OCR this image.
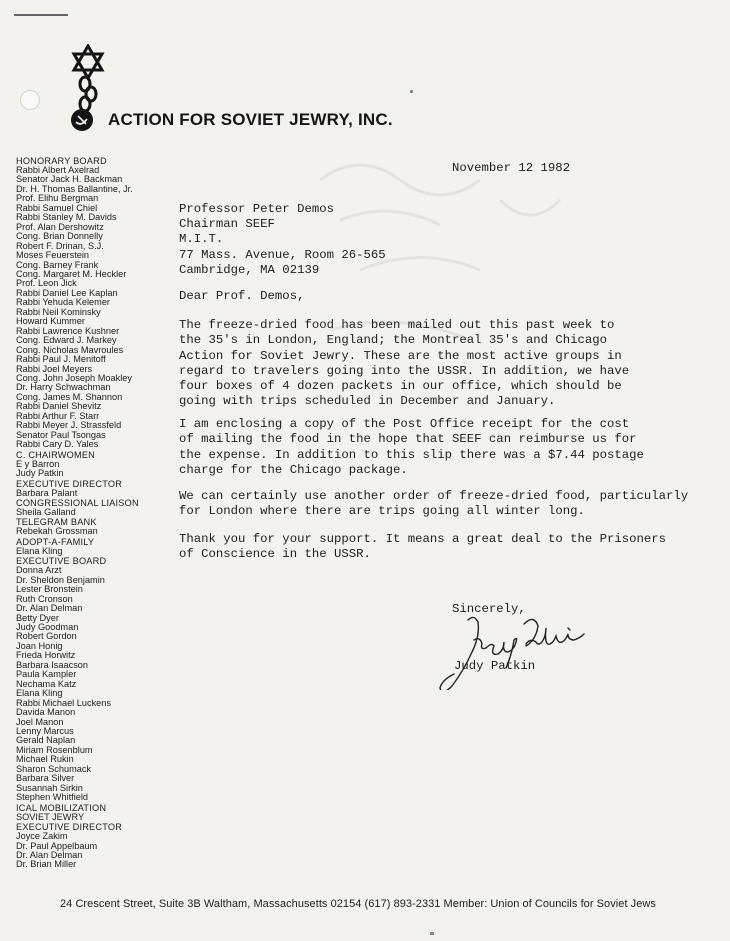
ACTION FOR SOVIET JEWRY, INC.
HONORARY BOARD
Rabbi Albert Axelrad
Senator Jack H. Backman
Dr. H. Thomas Ballantine, Jr.
Prof. Elihu Bergman
Rabbi Samuel Chiel
Rabbi Stanley M. Davids
Prof. Alan Dershowitz
Cong. Brian Donnelly
Robert F. Drinan, S.J.
Moses Feuerstein
Cong. Barney Frank
Cong. Margaret M. Heckler
Prof. Leon Jick
Rabbi Daniel Lee Kaplan
Rabbi Yehuda Kelemer
Rabbi Neil Kominsky
Howard Kummer
Rabbi Lawrence Kushner
Cong. Edward J. Markey
Cong. Nicholas Mavroules
Rabbi Paul J. Menitoff
Rabbi Joel Meyers
Cong. John Joseph Moakley
Dr. Harry Schwachman
Cong. James M. Shannon
Rabbi Daniel Shevitz
Rabbi Arthur F. Starr
Rabbi Meyer J. Strassfeld
Senator Paul Tsongas
Rabbi Cary D. Yales
C. CHAIRWOMEN
E y Barron
Judy Patkin
EXECUTIVE DIRECTOR
Barbara Palant
CONGRESSIONAL LIAISON
Sheila Galland
TELEGRAM BANK
Rebekah Grossman
ADOPT-A-FAMILY
Elana Kling
EXECUTIVE BOARD
Donna Arzt
Dr. Sheldon Benjamin
Lester Bronstein
Ruth Cronson
Dr. Alan Delman
Betty Dyer
Judy Goodman
Robert Gordon
Joan Honig
Frieda Horwitz
Barbara Isaacson
Paula Kampler
Nechama Katz
Elana Kling
Rabbi Michael Luckens
Davida Manon
Joel Manon
Lenny Marcus
Gerald Naplan
Miriam Rosenblum
Michael Rukin
Sharon Schumack
Barbara Silver
Susannah Sirkin
Stephen Whitfield
ICAL MOBILIZATION
SOVIET JEWRY
EXECUTIVE DIRECTOR
Joyce Zakim
Dr. Paul Appelbaum
Dr. Alan Delman
Dr. Brian Miller
November 12 1982
Professor Peter Demos
Chairman SEEF
M.I.T.
77 Mass. Avenue, Room 26-565
Cambridge, MA 02139
Dear Prof. Demos,
The freeze-dried food has been mailed out this past week to
the 35's in London, England; the Montreal 35's and Chicago
Action for Soviet Jewry. These are the most active groups in
regard to travelers going into the USSR. In addition, we have
four boxes of 4 dozen packets in our office, which should be
going with trips scheduled in December and January.
I am enclosing a copy of the Post Office receipt for the cost
of mailing the food in the hope that SEEF can reimburse us for
the expense. In addition to this slip there was a $7.44 postage
charge for the Chicago package.
We can certainly use another order of freeze-dried food, particularly
for London where there are trips going all winter long.
Thank you for your support. It means a great deal to the Prisoners
of Conscience in the USSR.
Sincerely,
Judy Patkin
24 Crescent Street, Suite 3B Waltham, Massachusetts 02154 (617) 893-2331 Member: Union of Councils for Soviet Jews
